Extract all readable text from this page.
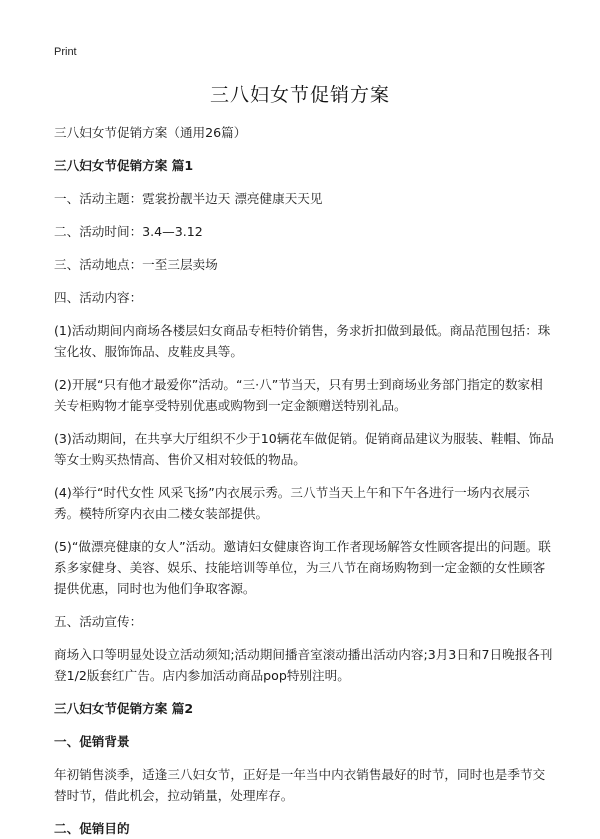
Print
三八妇女节促销方案

三八妇女节促销方案（通用26篇）

三八妇女节促销方案 篇1

一、活动主题：霓裳扮靓半边天 漂亮健康天天见

二、活动时间：3.4—3.12

三、活动地点：一至三层卖场

四、活动内容：

(1)活动期间内商场各楼层妇女商品专柜特价销售，务求折扣做到最低。商品范围包括：珠宝化妆、服饰饰品、皮鞋皮具等。

(2)开展“只有他才最爱你”活动。“三·八”节当天，只有男士到商场业务部门指定的数家相关专柜购物才能享受特别优惠或购物到一定金额赠送特别礼品。

(3)活动期间，在共享大厅组织不少于10辆花车做促销。促销商品建议为服装、鞋帽、饰品等女士购买热情高、售价又相对较低的物品。

(4)举行“时代女性 风采飞扬”内衣展示秀。三八节当天上午和下午各进行一场内衣展示秀。模特所穿内衣由二楼女装部提供。

(5)“做漂亮健康的女人”活动。邀请妇女健康咨询工作者现场解答女性顾客提出的问题。联系多家健身、美容、娱乐、技能培训等单位，为三八节在商场购物到一定金额的女性顾客提供优惠，同时也为他们争取客源。

五、活动宣传：

商场入口等明显处设立活动须知;活动期间播音室滚动播出活动内容;3月3日和7日晚报各刊登1/2版套红广告。店内参加活动商品pop特别注明。

三八妇女节促销方案 篇2

一、促销背景

年初销售淡季，适逢三八妇女节，正好是一年当中内衣销售最好的时节，同时也是季节交替时节，借此机会，拉动销量，处理库存。

二、促销目的
